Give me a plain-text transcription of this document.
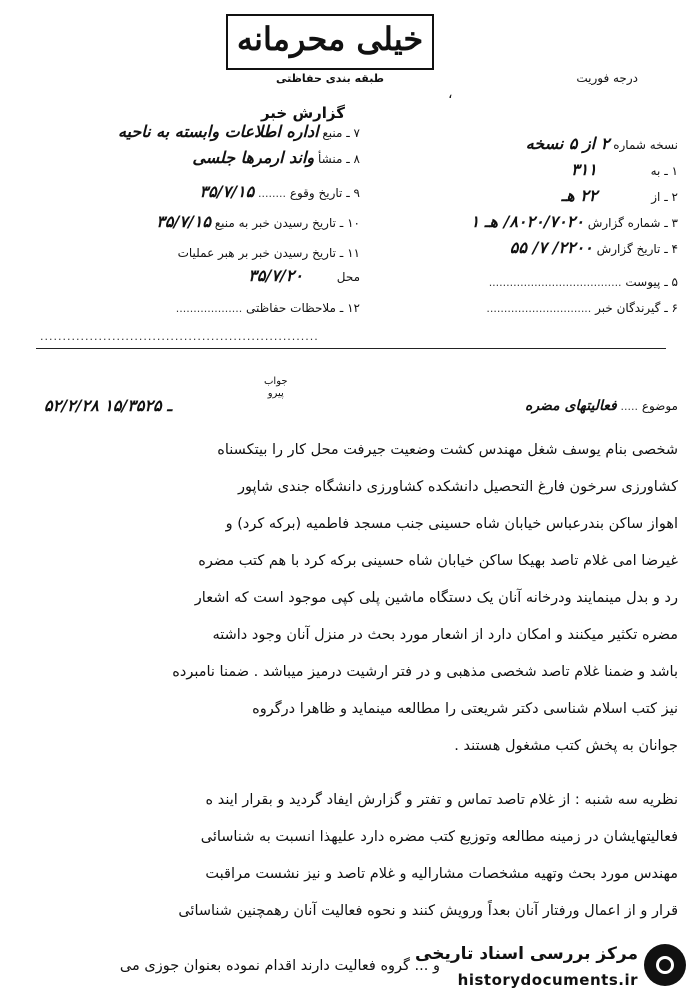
خیلی محرمانه
طبقه بندی حفاظتی	درجه فوریت
،
گزارش خبر
نسخه شماره ۲ از ۵ نسخه
۱ ـ به ۳۱۱
۲ ـ از ۲۲ هـ
۳ ـ شماره گزارش ۸۰۲۰/۷۰۲۰/ هـ ۱
۴ ـ تاریخ گزارش ۲۲۰۰/ ۷/ ۵۵
۵ ـ پیوست ......................................
۶ ـ گیرندگان خبر ..............................
۷ ـ منبع اداره اطلاعات وابسته به ناحیه
۸ ـ منشأ واند ارمرها جلسی
۹ ـ تاریخ وقوع ........ ۳۵/۷/۱۵
۱۰ ـ تاریخ رسیدن خبر به منبع ۳۵/۷/۱۵
۱۱ ـ تاریخ رسیدن خبر بر هبر عملیات
محل ۳۵/۷/۲۰
۱۲ ـ ملاحظات حفاظتی ...................
..............................................................
موضوع ..... فعالیتهای مضره
جواب
پیرو
۵۲/۲/۲۸ ـ ۱۵/۳۵۲۵
شخصی بنام یوسف شغل مهندس کشت وضعیت جیرفت محل کار را بیتکسناه
کشاورزی سرخون فارغ التحصیل دانشکده کشاورزی دانشگاه جندی شاپور
اهواز ساکن بندرعباس خیابان شاه حسینی جنب مسجد فاطمیه (برکه کرد) و
غیرضا امی غلام تاصد بهیکا ساکن خیابان شاه حسینی برکه کرد با هم کتب مضره
رد و بدل مینمایند ودرخانه آنان یک دستگاه ماشین پلی کپی موجود است که اشعار
مضره تکثیر میکنند و امکان دارد از اشعار مورد بحث در منزل آنان وجود داشته
باشد و ضمنا غلام تاصد شخصی مذهبی و در فتر ارشیت درمیز میباشد . ضمنا نامبرده
نیز کتب اسلام شناسی دکتر شریعتی را مطالعه مینماید و ظاهرا درگروه
جوانان به پخش کتب مشغول هستند .
نظریه سه شنبه : از غلام تاصد تماس و تفتر و گزارش ایفاد گردید و بقرار ایند ه
فعالیتهایشان در زمینه مطالعه وتوزیع کتب مضره دارد علیهذا انسبت به شناسائی
مهندس مورد بحث وتهیه مشخصات مشارالیه و غلام تاصد و نیز نشست مراقبت
قرار و از اعمال ورفتار آنان بعداً ورویش کنند و نحوه فعالیت آنان رهمچنین شناسائی
و ... گروه فعالیت دارند اقدام نموده بعنوان جوزی می
مرکز بررسی اسناد تاریخی
historydocuments.ir
